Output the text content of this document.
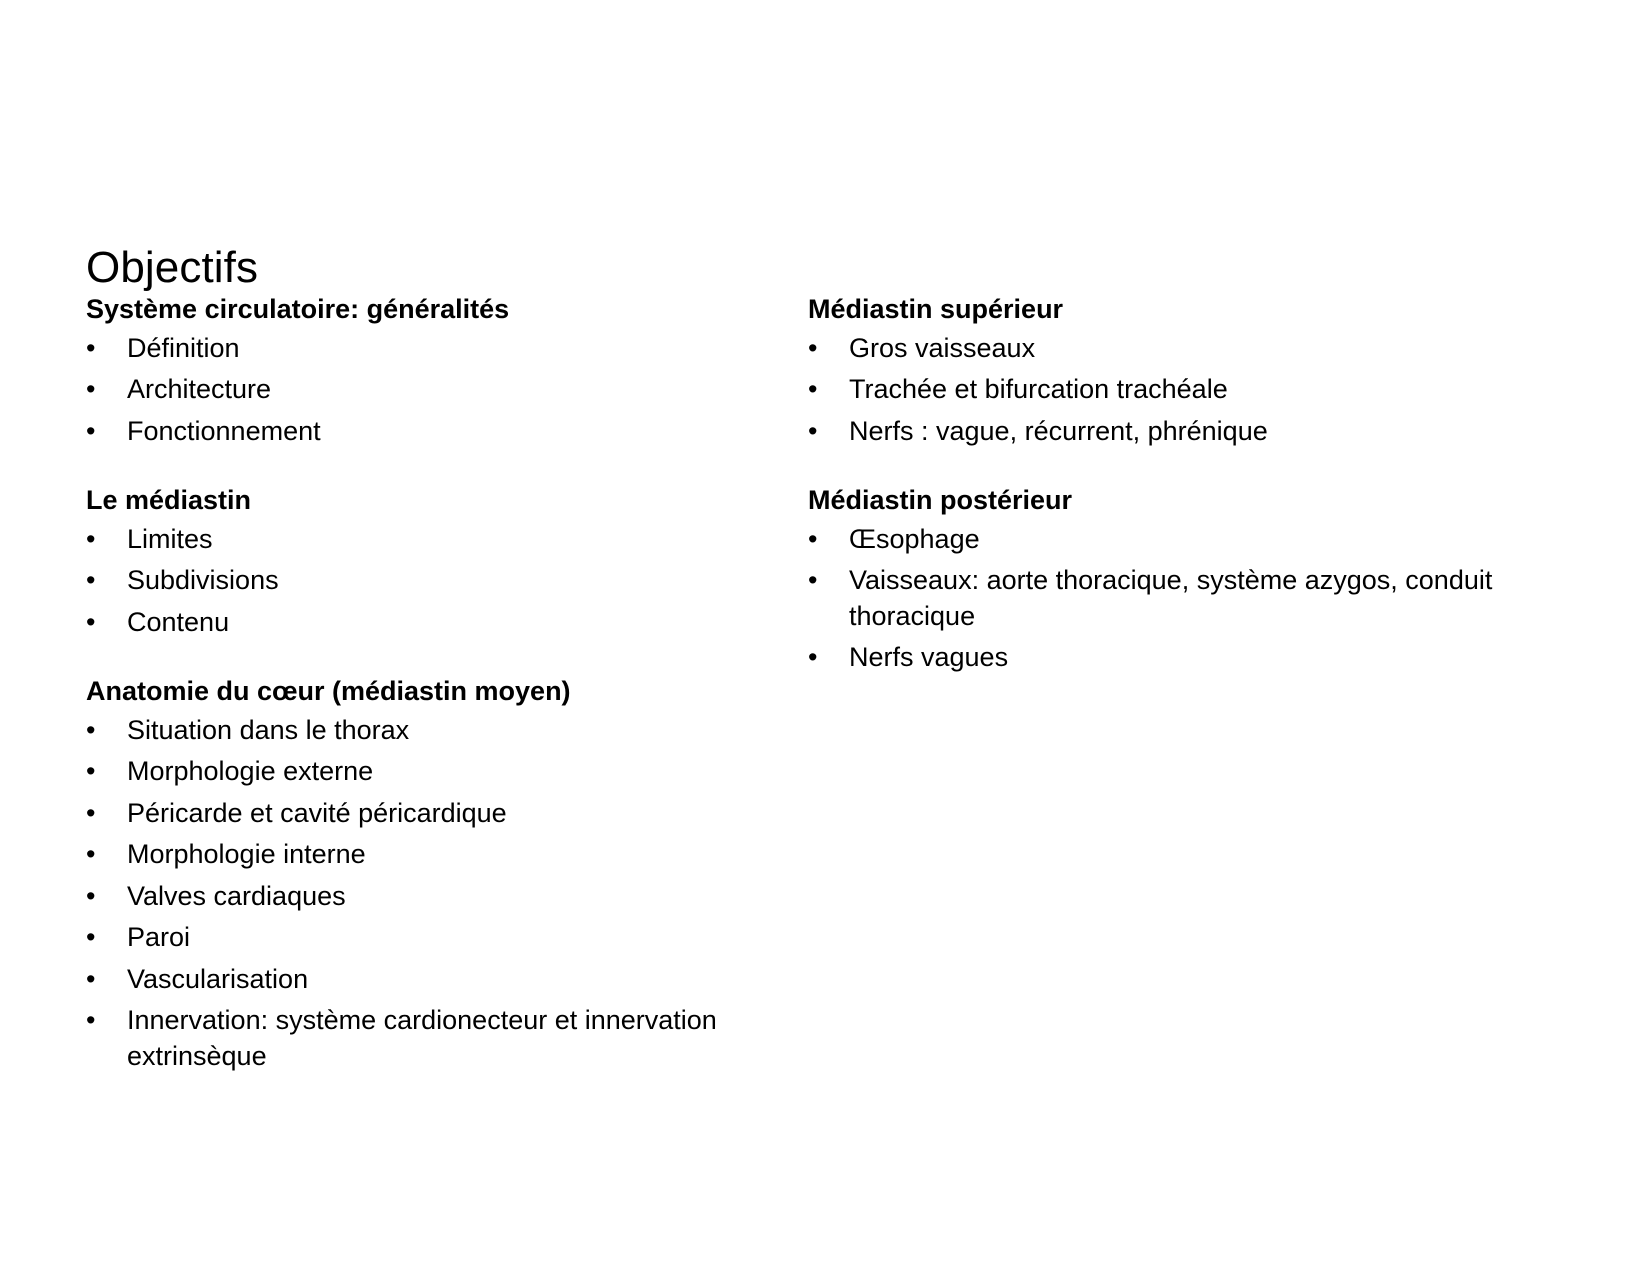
Objectifs
Système circulatoire: généralités
•	Définition
•	Architecture
•	Fonctionnement
Le médiastin
•	Limites
•	Subdivisions
•	Contenu
Anatomie du cœur (médiastin moyen)
•	Situation dans le thorax
•	Morphologie externe
•	Péricarde et cavité péricardique
•	Morphologie interne
•	Valves cardiaques
•	Paroi
•	Vascularisation
•	Innervation: système cardionecteur et innervation extrinsèque
Médiastin supérieur
•	Gros vaisseaux
•	Trachée et bifurcation trachéale
•	Nerfs : vague, récurrent, phrénique
Médiastin postérieur
•	Œsophage
•	Vaisseaux: aorte thoracique, système azygos, conduit thoracique
•	Nerfs vagues
